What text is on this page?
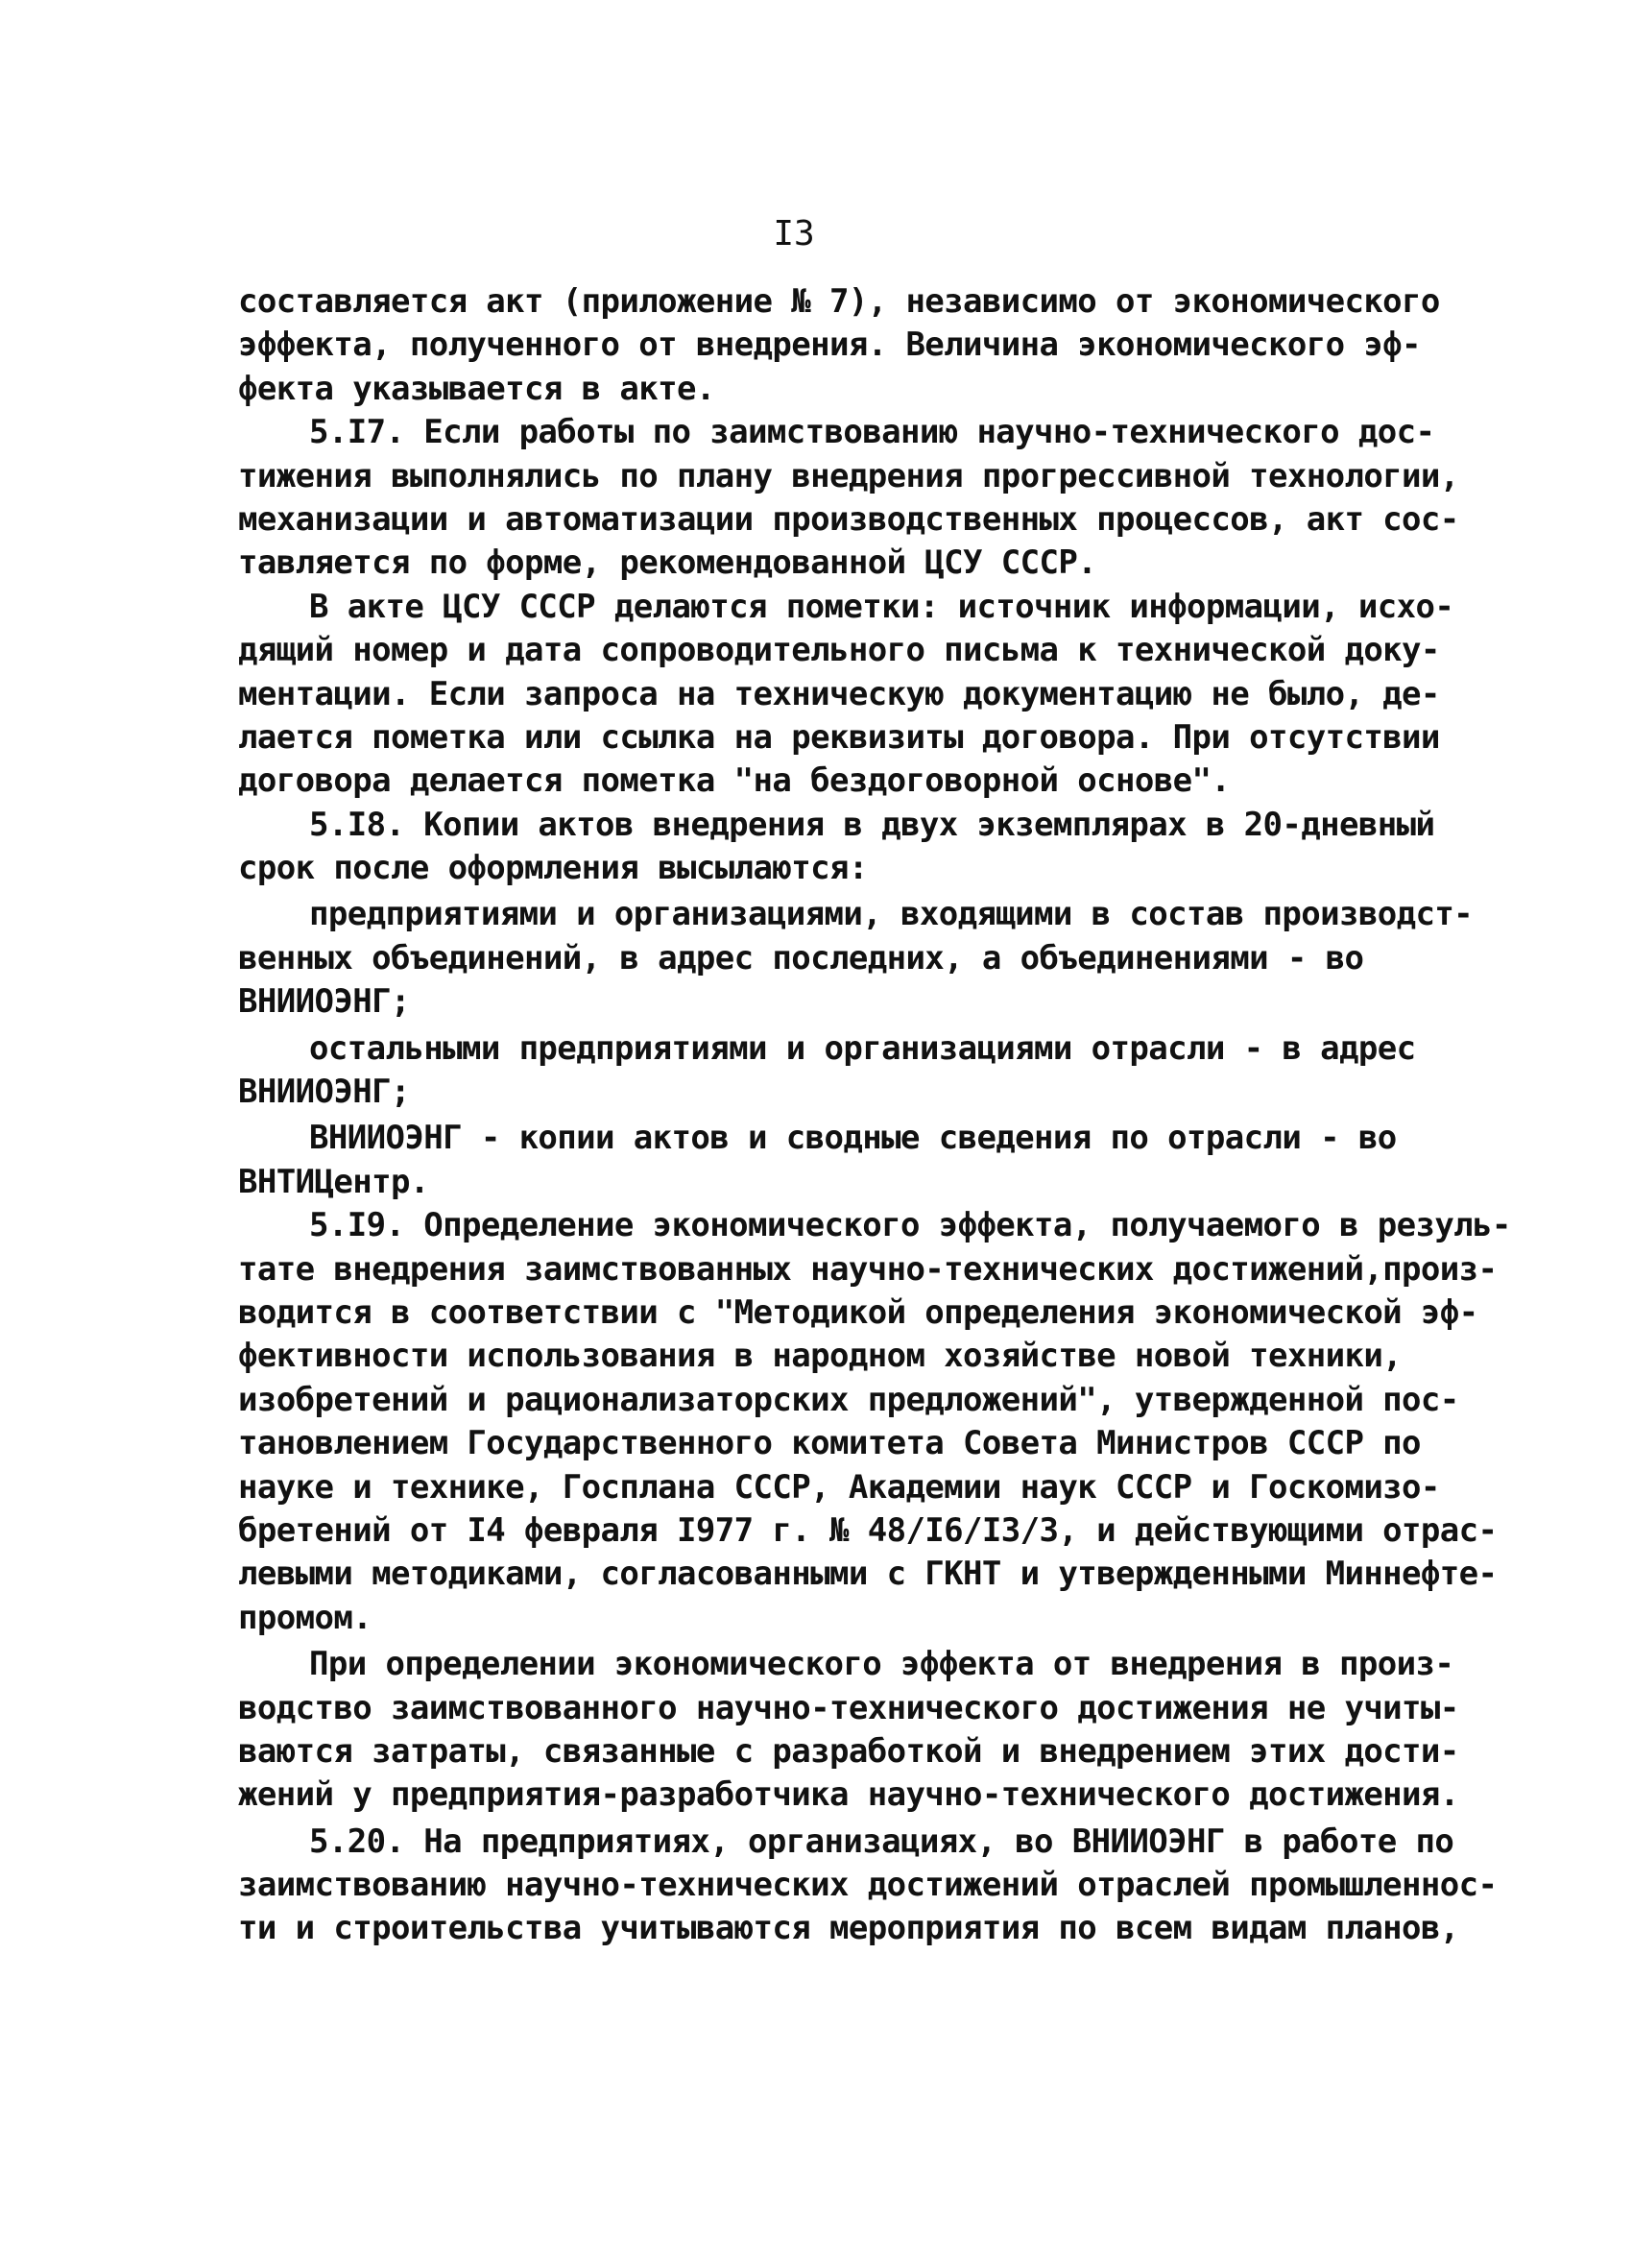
I3
составляется акт (приложение № 7), независимо от экономического
эффекта, полученного от внедрения. Величина экономического эф-
фекта указывается в акте.
5.I7. Если работы по заимствованию научно-технического дос-
тижения выполнялись по плану внедрения прогрессивной технологии,
механизации и автоматизации производственных процессов, акт сос-
тавляется по форме, рекомендованной ЦСУ СССР.
В акте ЦСУ СССР делаются пометки: источник информации, исхо-
дящий номер и дата сопроводительного письма к технической доку-
ментации. Если запроса на техническую документацию не было, де-
лается пометка или ссылка на реквизиты договора. При отсутствии
договора делается пометка "на бездоговорной основе".
5.I8. Копии актов внедрения в двух экземплярах в 20-дневный
срок после оформления высылаются:
предприятиями и организациями, входящими в состав производст-
венных объединений, в адрес последних, а объединениями - во
ВНИИОЭНГ;
остальными предприятиями и организациями отрасли - в адрес
ВНИИОЭНГ;
ВНИИОЭНГ - копии актов и сводные сведения по отрасли - во
ВНТИЦентр.
5.I9. Определение экономического эффекта, получаемого в резуль-
тате внедрения заимствованных научно-технических достижений,произ-
водится в соответствии с "Методикой определения экономической эф-
фективности использования в народном хозяйстве новой техники,
изобретений и рационализаторских предложений", утвержденной пос-
тановлением Государственного комитета Совета Министров СССР по
науке и технике, Госплана СССР, Академии наук СССР и Госкомизо-
бретений от I4 февраля I977 г. № 48/I6/I3/3, и действующими отрас-
левыми методиками, согласованными с ГКНТ и утвержденными Миннефте-
промом.
При определении экономического эффекта от внедрения в произ-
водство заимствованного научно-технического достижения не учиты-
ваются затраты, связанные с разработкой и внедрением этих дости-
жений у предприятия-разработчика научно-технического достижения.
5.20. На предприятиях, организациях, во ВНИИОЭНГ в работе по
заимствованию научно-технических достижений отраслей промышленнос-
ти и строительства учитываются мероприятия по всем видам планов,
